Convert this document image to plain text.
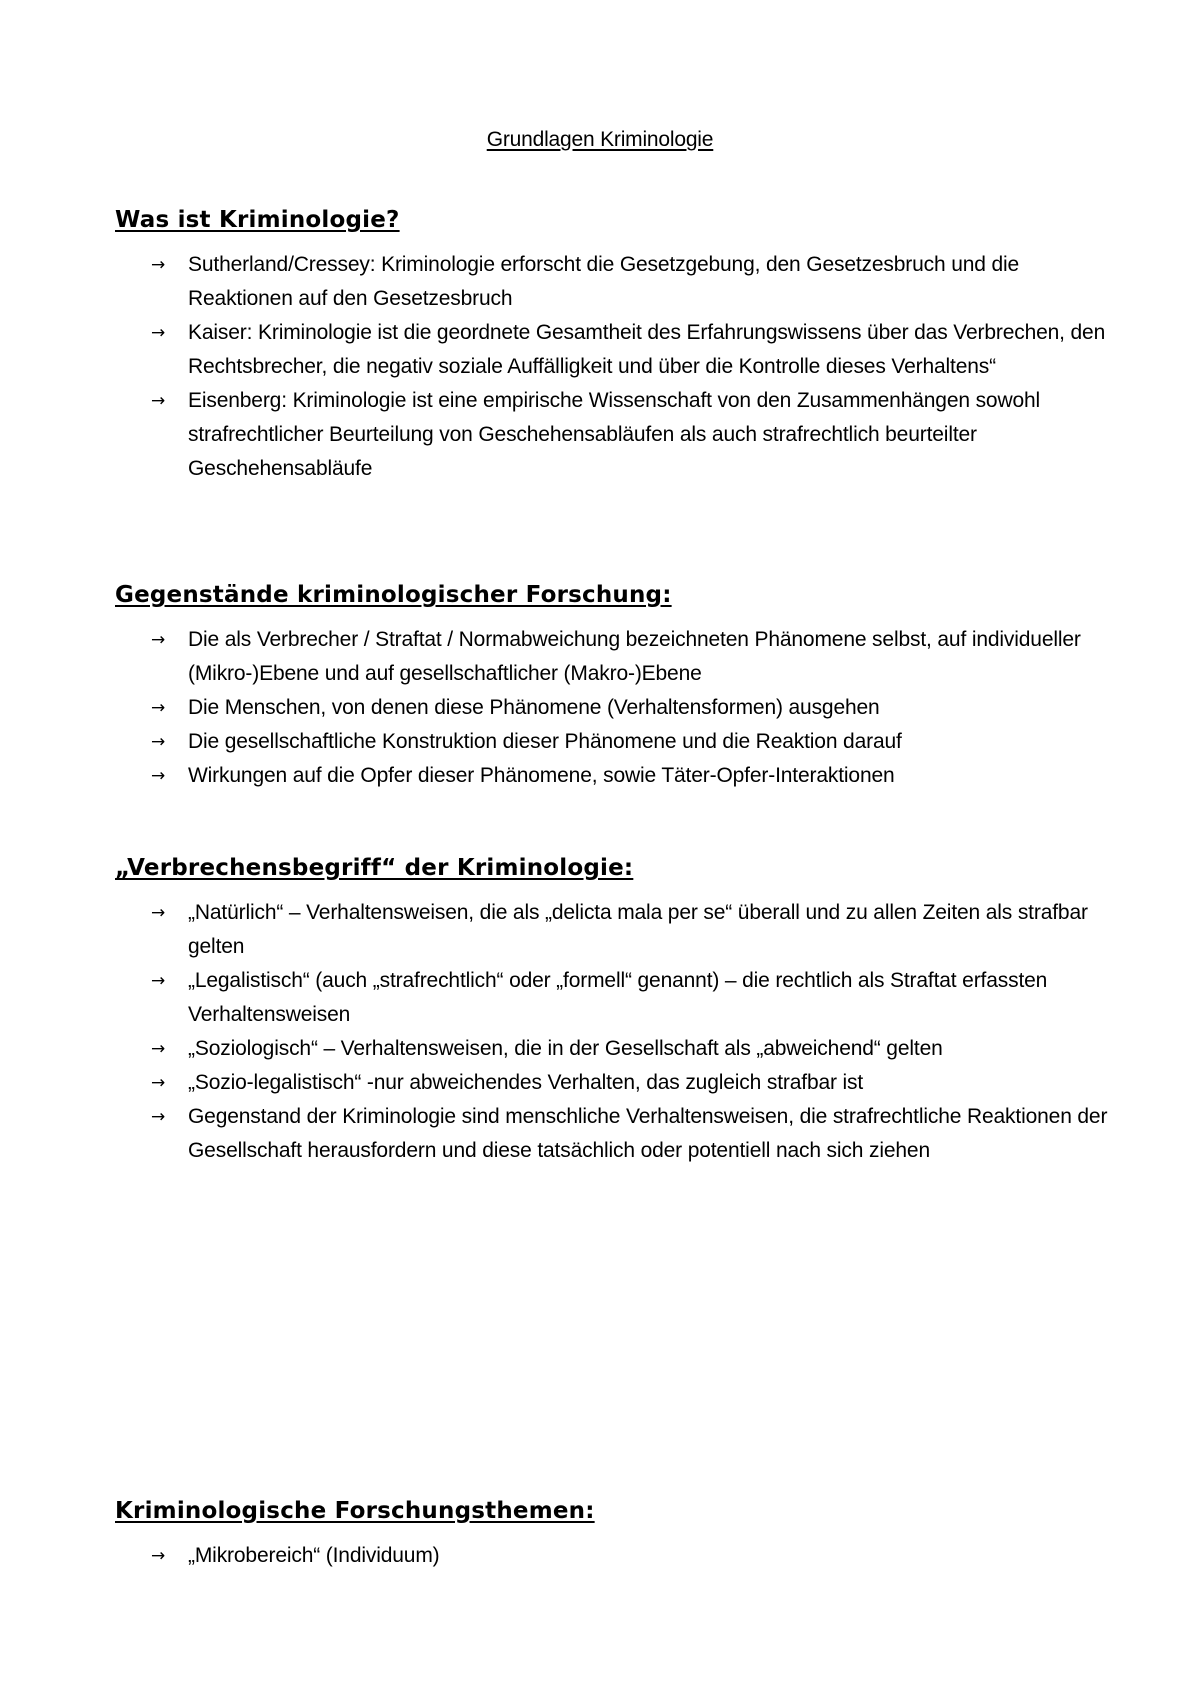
Grundlagen Kriminologie
Was ist Kriminologie?
→ Sutherland/Cressey: Kriminologie erforscht die Gesetzgebung, den Gesetzesbruch und die Reaktionen auf den Gesetzesbruch
→ Kaiser: Kriminologie ist die geordnete Gesamtheit des Erfahrungswissens über das Verbrechen, den Rechtsbrecher, die negativ soziale Auffälligkeit und über die Kontrolle dieses Verhaltens“
→ Eisenberg: Kriminologie ist eine empirische Wissenschaft von den Zusammenhängen sowohl strafrechtlicher Beurteilung von Geschehensabläufen als auch strafrechtlich beurteilter Geschehensabläufe
Gegenstände kriminologischer Forschung:
→ Die als Verbrecher / Straftat / Normabweichung bezeichneten Phänomene selbst, auf individueller (Mikro-)Ebene und auf gesellschaftlicher (Makro-)Ebene
→ Die Menschen, von denen diese Phänomene (Verhaltensformen) ausgehen
→ Die gesellschaftliche Konstruktion dieser Phänomene und die Reaktion darauf
→ Wirkungen auf die Opfer dieser Phänomene, sowie Täter-Opfer-Interaktionen
„Verbrechensbegriff“ der Kriminologie:
→ „Natürlich“ – Verhaltensweisen, die als „delicta mala per se“ überall und zu allen Zeiten als strafbar gelten
→ „Legalistisch“ (auch „strafrechtlich“ oder „formell“ genannt) – die rechtlich als Straftat erfassten Verhaltensweisen
→ „Soziologisch“ – Verhaltensweisen, die in der Gesellschaft als „abweichend“ gelten
→ „Sozio-legalistisch“ -nur abweichendes Verhalten, das zugleich strafbar ist
→ Gegenstand der Kriminologie sind menschliche Verhaltensweisen, die strafrechtliche Reaktionen der Gesellschaft herausfordern und diese tatsächlich oder potentiell nach sich ziehen
Kriminologische Forschungsthemen:
→ „Mikrobereich“ (Individuum)
